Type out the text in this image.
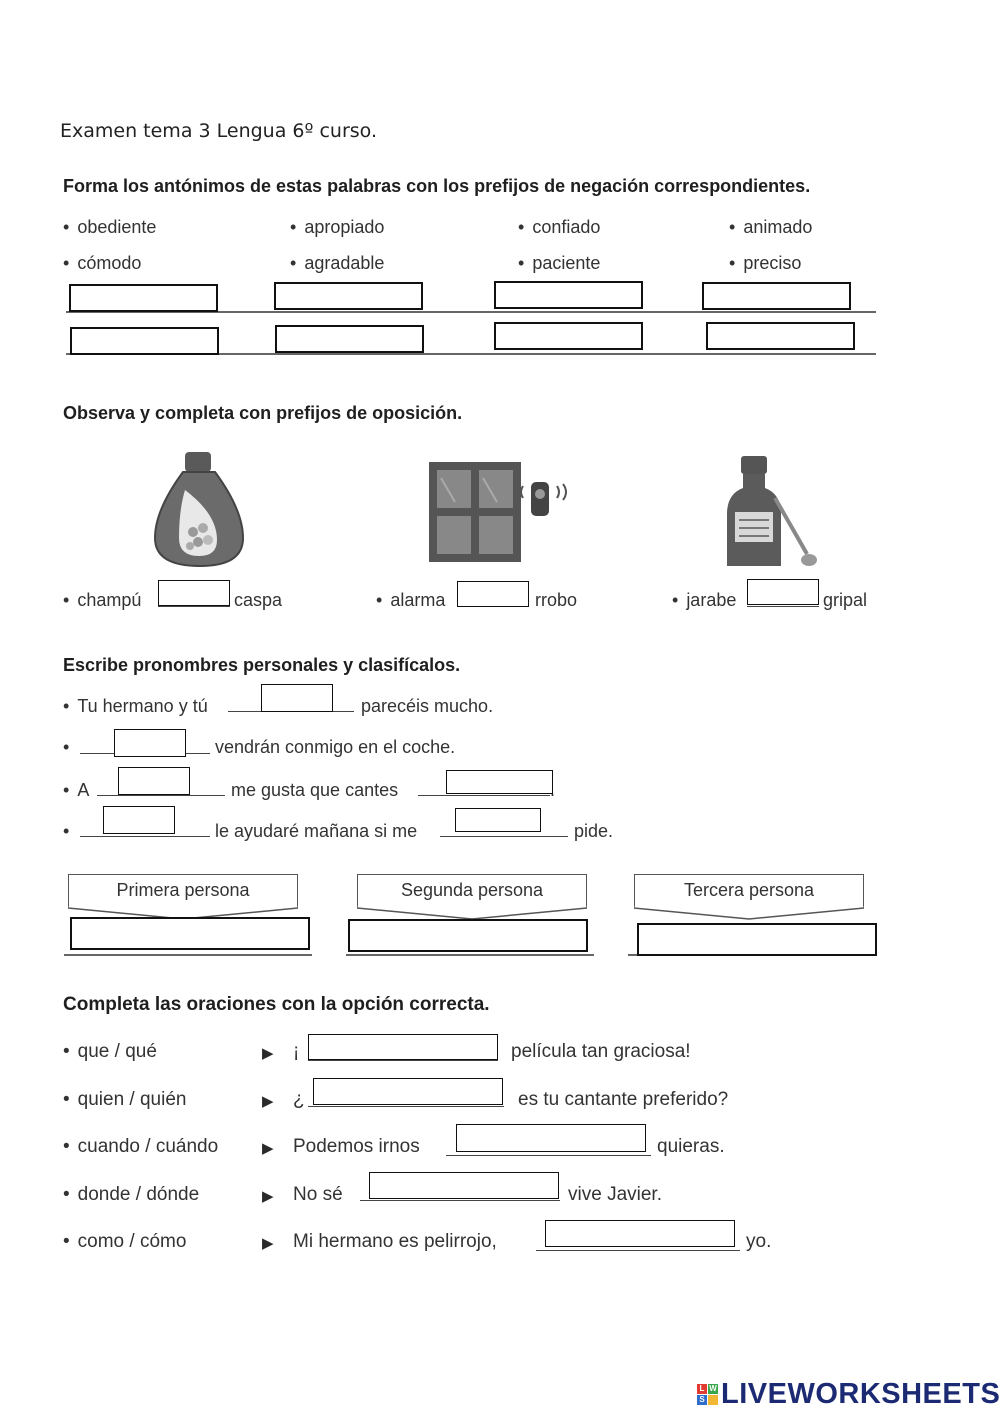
Examen tema 3 Lengua 6º curso.
Forma los antónimos de estas palabras con los prefijos de negación correspondientes.
• obediente	• apropiado	• confiado	• animado
• cómodo	• agradable	• paciente	• preciso
Observa y completa con prefijos de oposición.
• champú	caspa	• alarma	rrobo	• jarabe	gripal
Escribe pronombres personales y clasifícalos.
• Tu hermano y tú	parecéis mucho.
•
vendrán conmigo en el coche.
• A	me gusta que cantes	.
•
le ayudaré mañana si me	pide.
Primera persona	Segunda persona	Tercera persona
Completa las oraciones con la opción correcta.
• que / qué	▶ ¡	película tan graciosa!
• quien / quién	▶ ¿	es tu cantante preferido?
• cuando / cuándo	▶ Podemos irnos	quieras.
• donde / dónde	▶ No sé	vive Javier.
• como / cómo	▶ Mi hermano es pelirrojo,	yo.
L W
S LIVEWORKSHEETS
